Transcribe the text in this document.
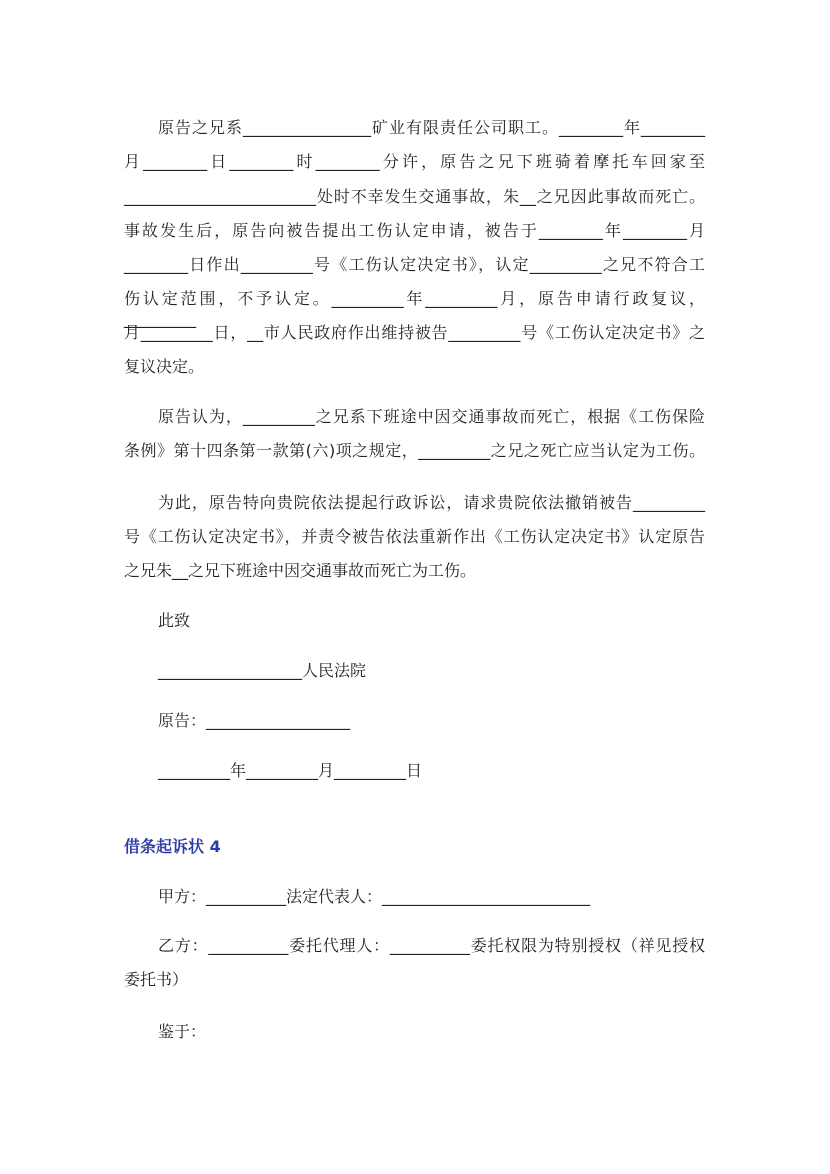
原告之兄系________________矿业有限责任公司职工。________年________
月________日________时________分许，原告之兄下班骑着摩托车回家至
________________________处时不幸发生交通事故，朱__之兄因此事故而死亡。
事故发生后，原告向被告提出工伤认定申请，被告于________年________月
________日作出_________号《工伤认定决定书》，认定_________之兄不符合工
伤认定范围，不予认定。_________年_________月，原告申请行政复议，_________
月_________日，__市人民政府作出维持被告_________号《工伤认定决定书》之
复议决定。
原告认为，_________之兄系下班途中因交通事故而死亡，根据《工伤保险
条例》第十四条第一款第(六)项之规定，_________之兄之死亡应当认定为工伤。
为此，原告特向贵院依法提起行政诉讼，请求贵院依法撤销被告_________
号《工伤认定决定书》，并责令被告依法重新作出《工伤认定决定书》认定原告
之兄朱__之兄下班途中因交通事故而死亡为工伤。
此致
__________________人民法院
原告：__________________
_________年_________月_________日
借条起诉状 4
甲方：__________法定代表人：__________________________
乙方：__________委托代理人：__________委托权限为特别授权（祥见授权
委托书）
鉴于：
